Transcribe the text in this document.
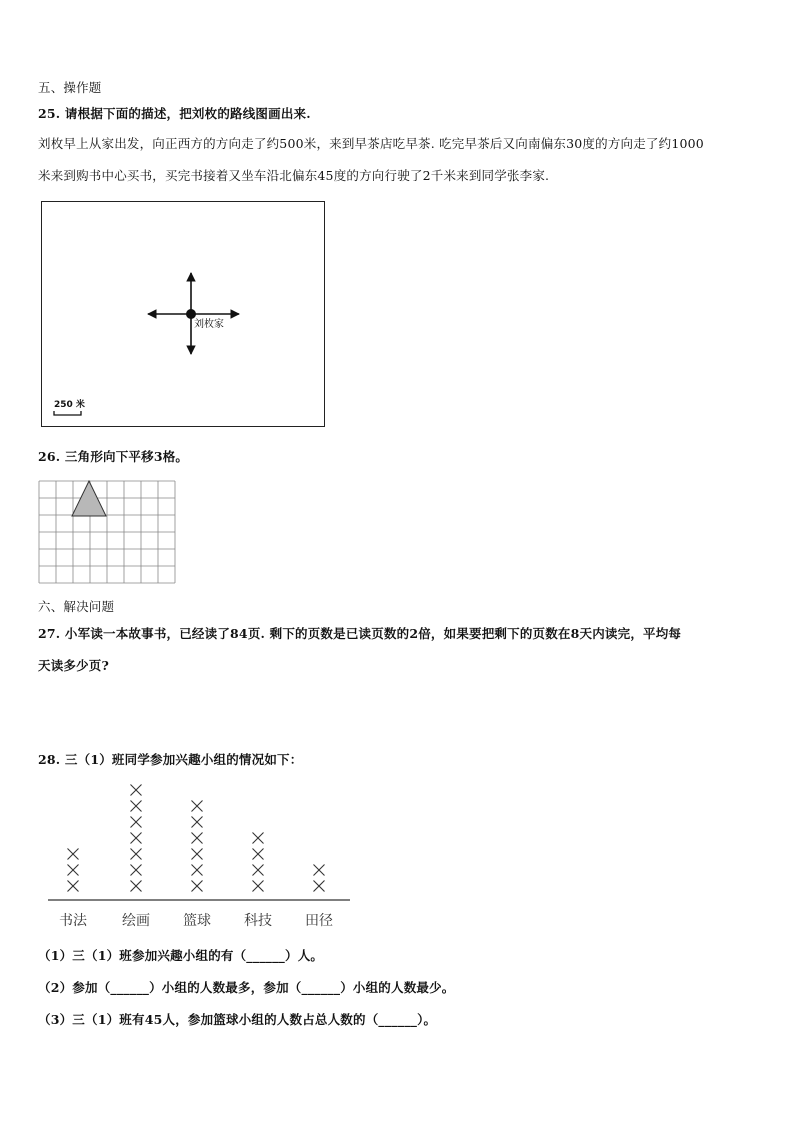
五、操作题
25. 请根据下面的描述，把刘枚的路线图画出来.
刘枚早上从家出发，向正西方的方向走了约500米，来到早茶店吃早茶. 吃完早茶后又向南偏东30度的方向走了约1000
米来到购书中心买书，买完书接着又坐车沿北偏东45度的方向行驶了2千米来到同学张李家.
刘枚家
250 米
26. 三角形向下平移3格。
六、解决问题
27. 小军读一本故事书，已经读了84页. 剩下的页数是已读页数的2倍，如果要把剩下的页数在8天内读完，平均每
天读多少页?
28. 三（1）班同学参加兴趣小组的情况如下：
书法	绘画 篮球 科技 田径
（1）三（1）班参加兴趣小组的有（______）人。
（2）参加（______）小组的人数最多，参加（______）小组的人数最少。
（3）三（1）班有45人，参加篮球小组的人数占总人数的（______）。
